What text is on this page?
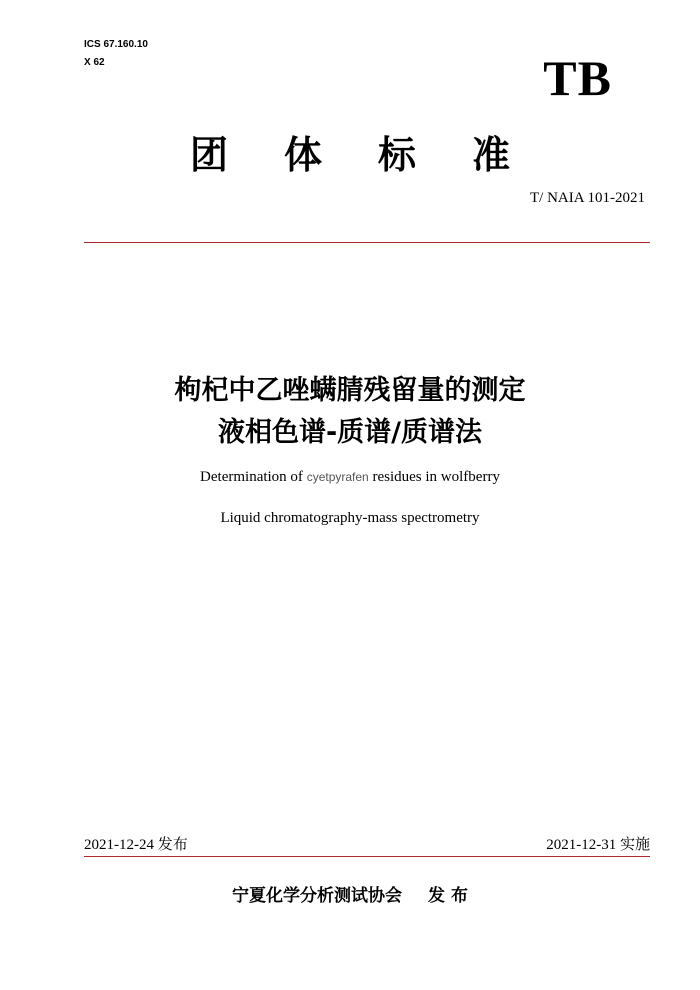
ICS 67.160.10
X 62	TB
团 体 标 准
T/ NAIA 101-2021
枸杞中乙唑螨腈残留量的测定
液相色谱-质谱/质谱法
Determination of cyetpyrafen residues in wolfberry
Liquid chromatography-mass spectrometry
2021-12-24 发布	2021-12-31 实施
宁夏化学分析测试协会 发 布
